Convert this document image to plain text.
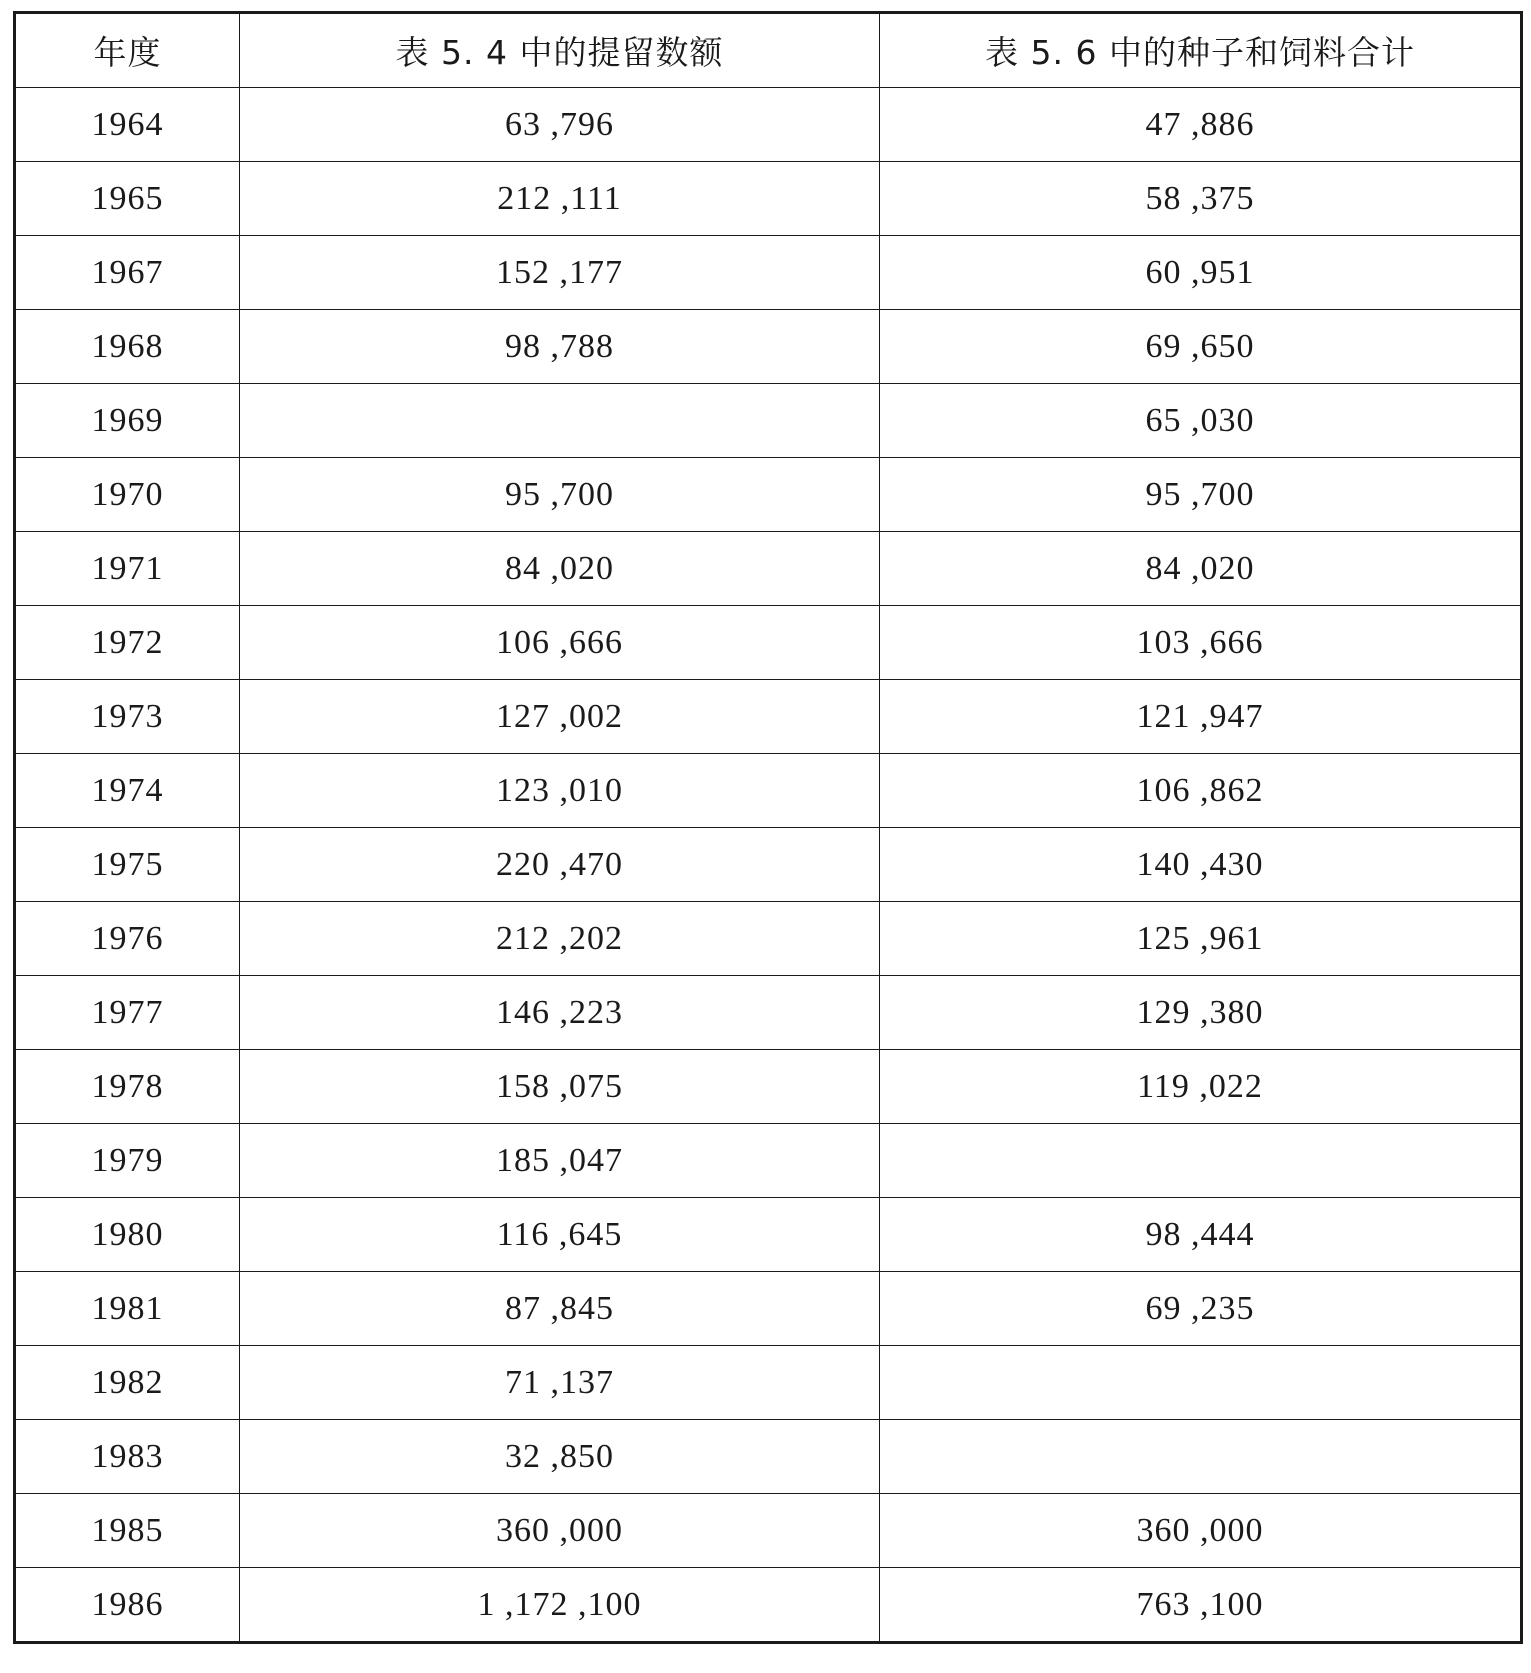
年度	表 5. 4 中的提留数额	表 5. 6 中的种子和饲料合计
1964	63 ,796	47 ,886
1965	212 ,111	58 ,375
1967	152 ,177	60 ,951
1968	98 ,788	69 ,650
1969		65 ,030
1970	95 ,700	95 ,700
1971	84 ,020	84 ,020
1972	106 ,666	103 ,666
1973	127 ,002	121 ,947
1974	123 ,010	106 ,862
1975	220 ,470	140 ,430
1976	212 ,202	125 ,961
1977	146 ,223	129 ,380
1978	158 ,075	119 ,022
1979	185 ,047	
1980	116 ,645	98 ,444
1981	87 ,845	69 ,235
1982	71 ,137	
1983	32 ,850	
1985	360 ,000	360 ,000
1986	1 ,172 ,100	763 ,100
